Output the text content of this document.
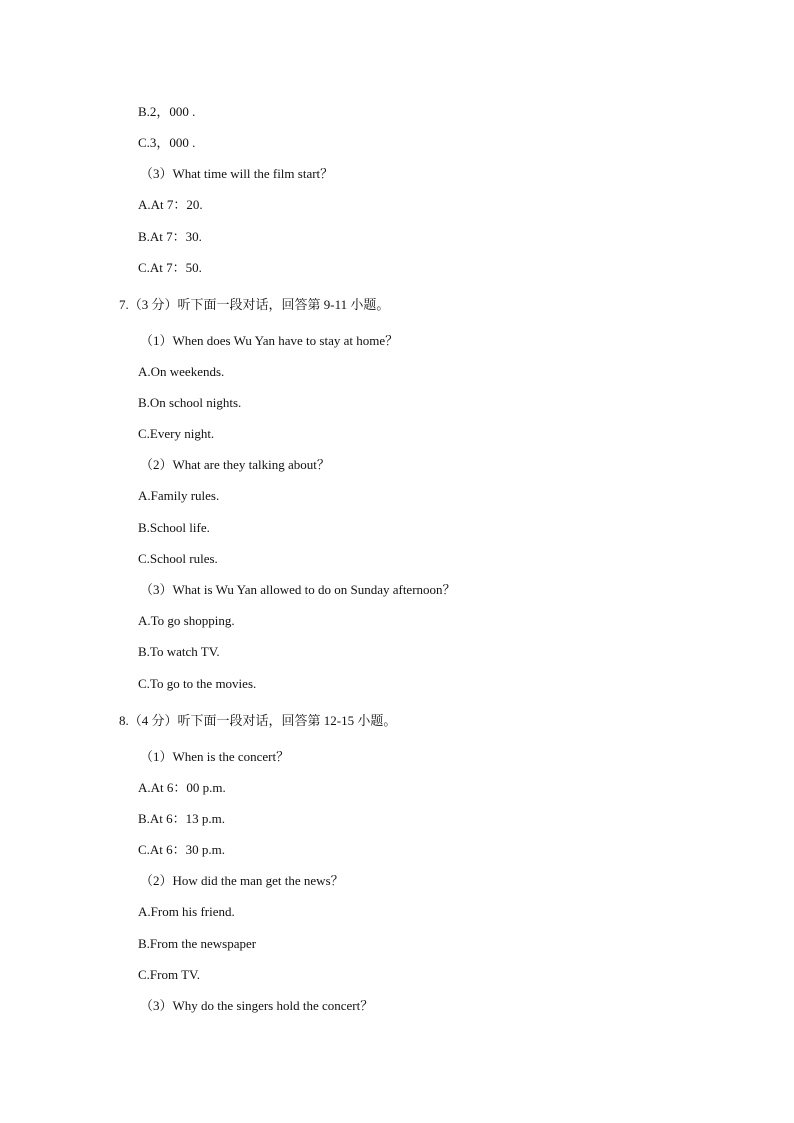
B.2，000 .
C.3，000 .
（3）What time will the film start？
A.At 7：20.
B.At 7：30.
C.At 7：50.
7.（3 分）听下面一段对话，回答第 9-11 小题。
（1）When does Wu Yan have to stay at home？
A.On weekends.
B.On school nights.
C.Every night.
（2）What are they talking about？
A.Family rules.
B.School life.
C.School rules.
（3）What is Wu Yan allowed to do on Sunday afternoon？
A.To go shopping.
B.To watch TV.
C.To go to the movies.
8.（4 分）听下面一段对话，回答第 12-15 小题。
（1）When is the concert？
A.At 6：00 p.m.
B.At 6：13 p.m.
C.At 6：30 p.m.
（2）How did the man get the news？
A.From his friend.
B.From the newspaper
C.From TV.
（3）Why do the singers hold the concert？
